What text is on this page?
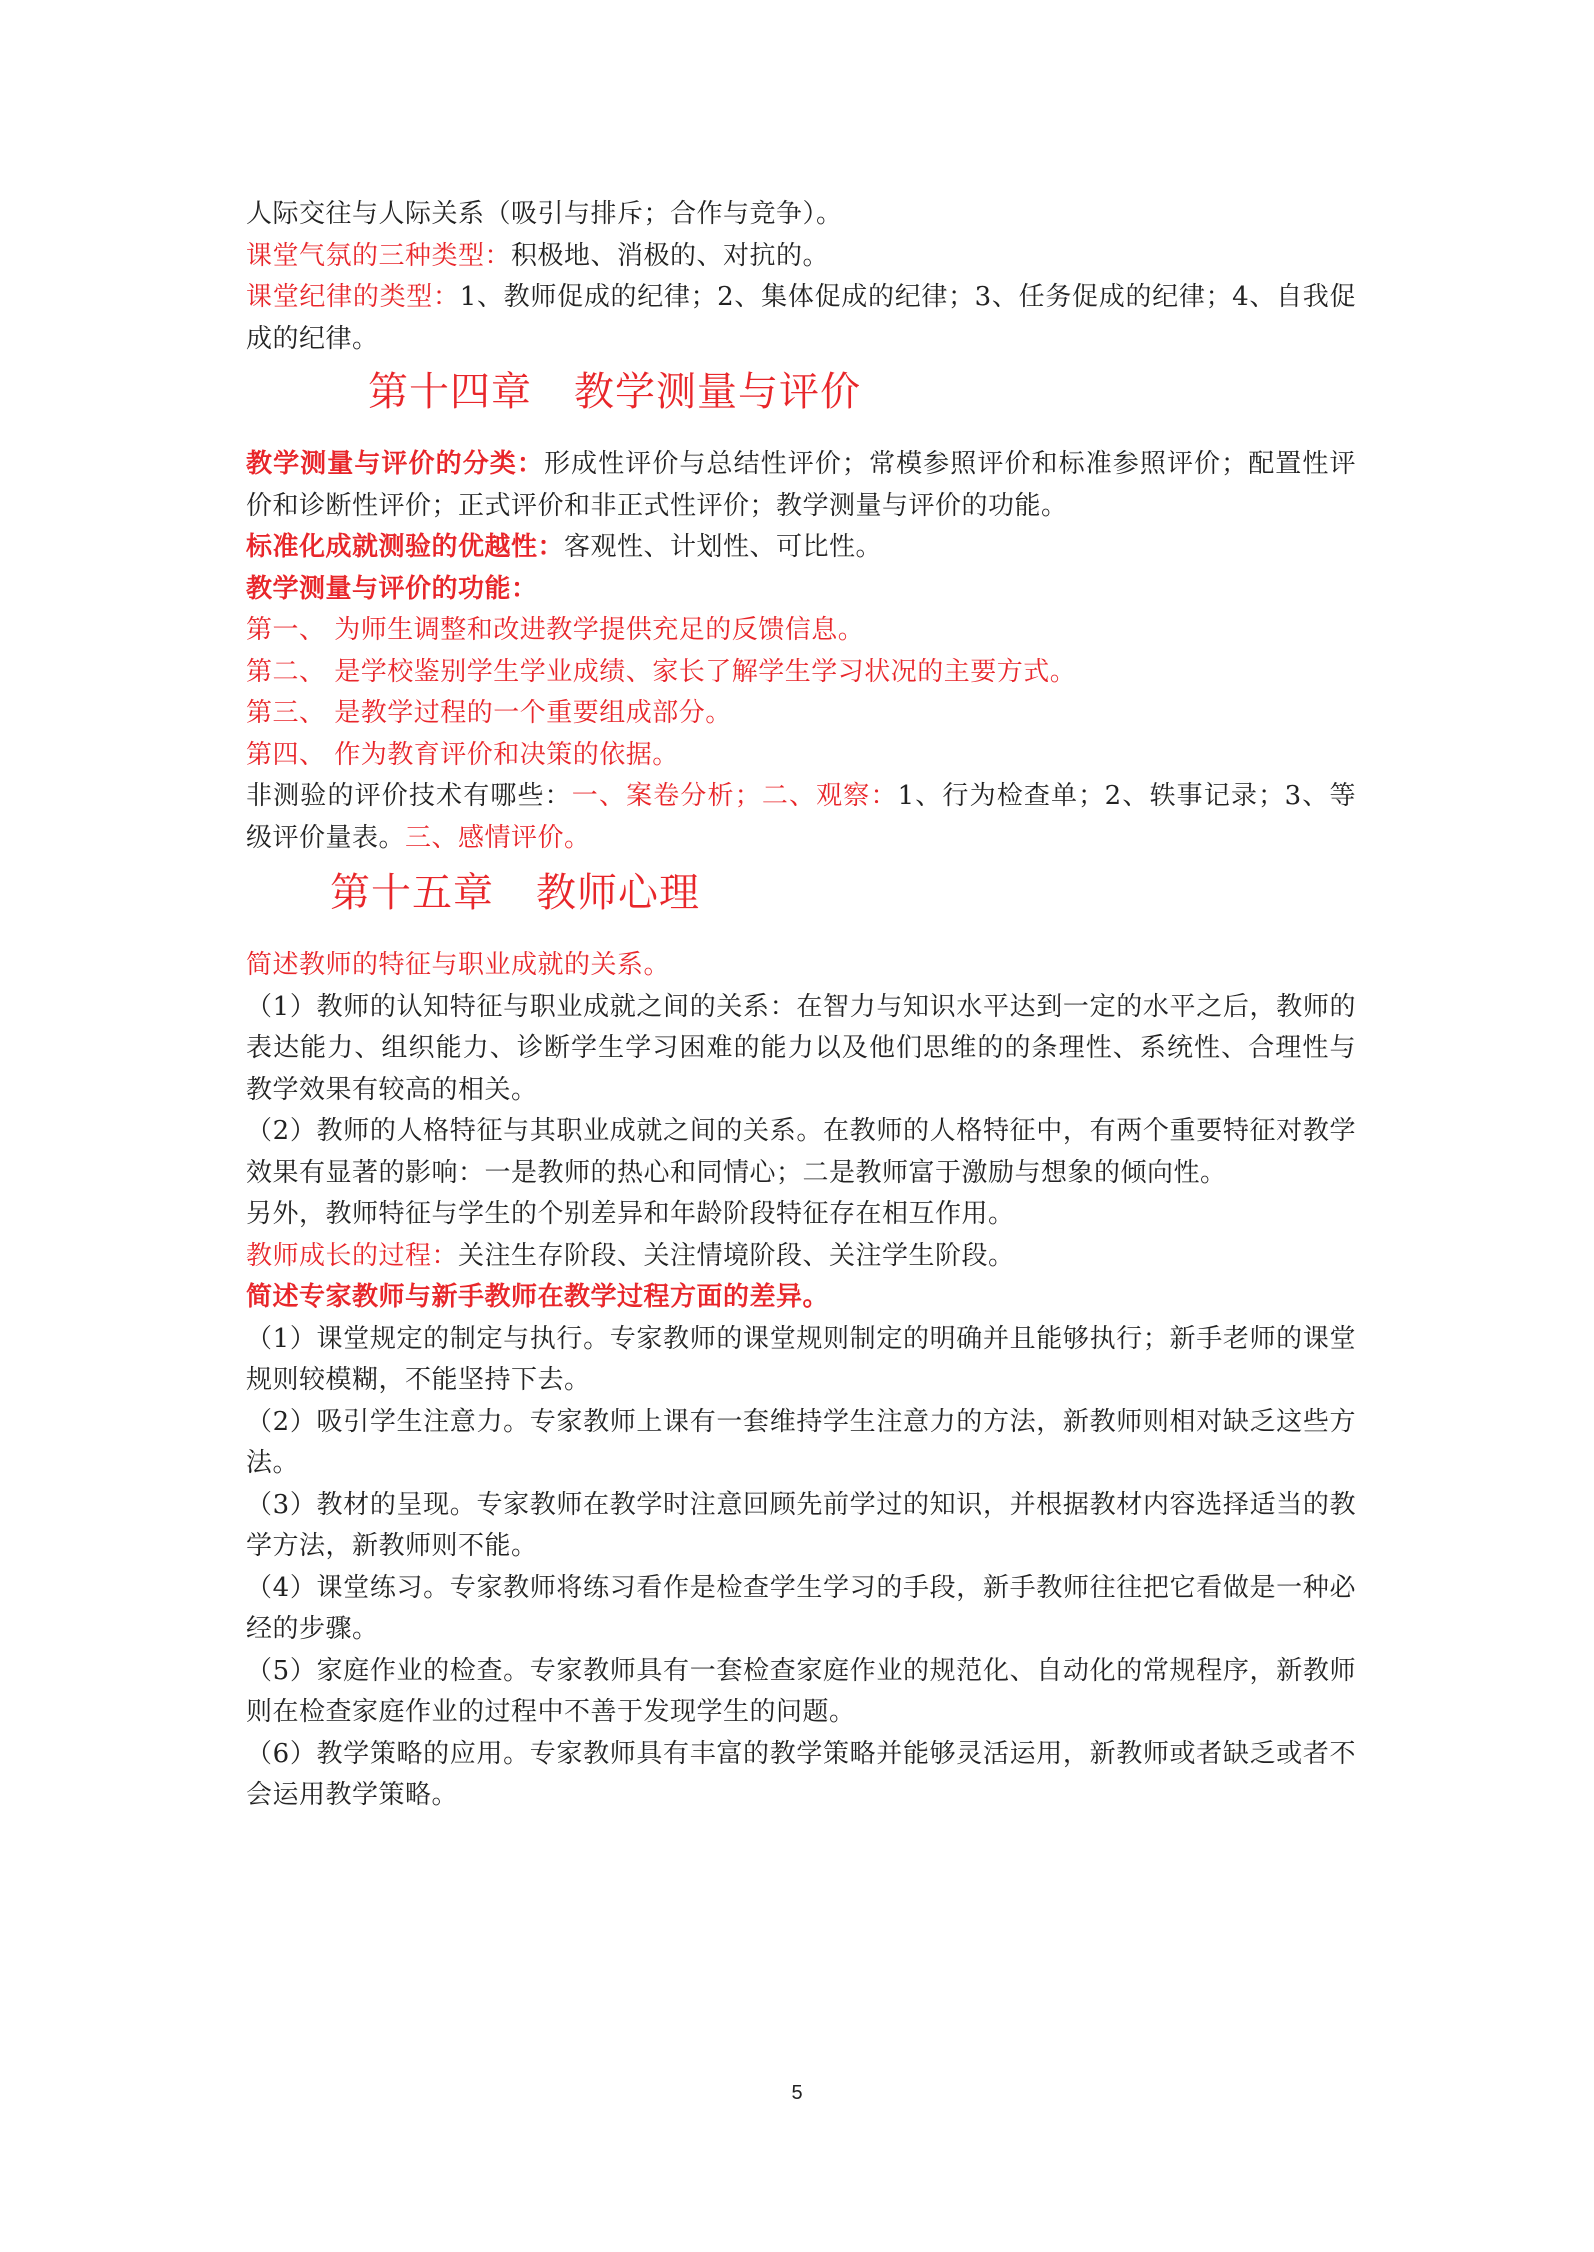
人际交往与人际关系（吸引与排斥；合作与竞争）。

课堂气氛的三种类型：积极地、消极的、对抗的。

课堂纪律的类型：1、教师促成的纪律；2、集体促成的纪律；3、任务促成的纪律；4、自我促成的纪律。

第十四章 教学测量与评价

教学测量与评价的分类：形成性评价与总结性评价；常模参照评价和标准参照评价；配置性评价和诊断性评价；正式评价和非正式性评价；教学测量与评价的功能。

标准化成就测验的优越性：客观性、计划性、可比性。

教学测量与评价的功能：

第一、 为师生调整和改进教学提供充足的反馈信息。

第二、 是学校鉴别学生学业成绩、家长了解学生学习状况的主要方式。

第三、 是教学过程的一个重要组成部分。

第四、 作为教育评价和决策的依据。

非测验的评价技术有哪些：一、案卷分析；二、观察：1、行为检查单；2、轶事记录；3、等级评价量表。三、感情评价。

第十五章 教师心理

简述教师的特征与职业成就的关系。

（1）教师的认知特征与职业成就之间的关系：在智力与知识水平达到一定的水平之后，教师的表达能力、组织能力、诊断学生学习困难的能力以及他们思维的的条理性、系统性、合理性与教学效果有较高的相关。

（2）教师的人格特征与其职业成就之间的关系。在教师的人格特征中，有两个重要特征对教学效果有显著的影响：一是教师的热心和同情心；二是教师富于激励与想象的倾向性。

另外，教师特征与学生的个别差异和年龄阶段特征存在相互作用。

教师成长的过程：关注生存阶段、关注情境阶段、关注学生阶段。

简述专家教师与新手教师在教学过程方面的差异。

（1）课堂规定的制定与执行。专家教师的课堂规则制定的明确并且能够执行；新手老师的课堂规则较模糊，不能坚持下去。

（2）吸引学生注意力。专家教师上课有一套维持学生注意力的方法，新教师则相对缺乏这些方法。

（3）教材的呈现。专家教师在教学时注意回顾先前学过的知识，并根据教材内容选择适当的教学方法，新教师则不能。

（4）课堂练习。专家教师将练习看作是检查学生学习的手段，新手教师往往把它看做是一种必经的步骤。

（5）家庭作业的检查。专家教师具有一套检查家庭作业的规范化、自动化的常规程序，新教师则在检查家庭作业的过程中不善于发现学生的问题。

（6）教学策略的应用。专家教师具有丰富的教学策略并能够灵活运用，新教师或者缺乏或者不会运用教学策略。

5
